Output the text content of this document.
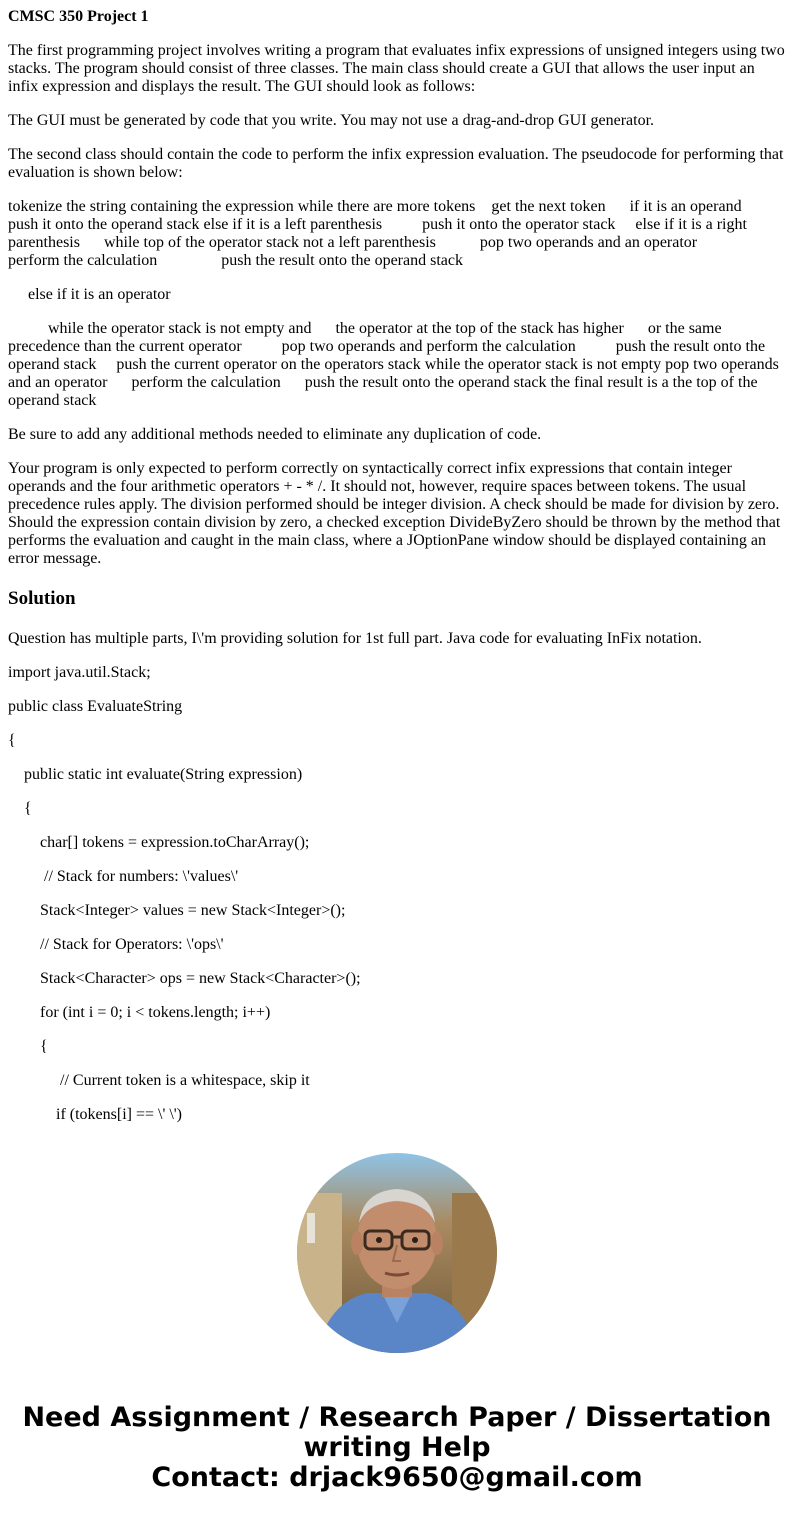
CMSC 350 Project 1

The first programming project involves writing a program that evaluates infix expressions of unsigned integers using two stacks. The program should consist of three classes. The main class should create a GUI that allows the user input an infix expression and displays the result. The GUI should look as follows:

The GUI must be generated by code that you write. You may not use a drag-and-drop GUI generator.

The second class should contain the code to perform the infix expression evaluation. The pseudocode for performing that evaluation is shown below:

tokenize the string containing the expression while there are more tokens    get the next token      if it is an operand         push it onto the operand stack else if it is a left parenthesis          push it onto the operator stack     else if it is a right parenthesis      while top of the operator stack not a left parenthesis           pop two operands and an operator           perform the calculation                push the result onto the operand stack

else if it is an operator

while the operator stack is not empty and      the operator at the top of the stack has higher      or the same precedence than the current operator          pop two operands and perform the calculation          push the result onto the operand stack     push the current operator on the operators stack while the operator stack is not empty pop two operands and an operator      perform the calculation      push the result onto the operand stack the final result is a the top of the operand stack

Be sure to add any additional methods needed to eliminate any duplication of code.

Your program is only expected to perform correctly on syntactically correct infix expressions that contain integer operands and the four arithmetic operators + - * /. It should not, however, require spaces between tokens. The usual precedence rules apply. The division performed should be integer division. A check should be made for division by zero. Should the expression contain division by zero, a checked exception DivideByZero should be thrown by the method that performs the evaluation and caught in the main class, where a JOptionPane window should be displayed containing an error message.

Solution

Question has multiple parts, I\'m providing solution for 1st full part. Java code for evaluating InFix notation.

import java.util.Stack;

public class EvaluateString

{

public static int evaluate(String expression)

{

char[] tokens = expression.toCharArray();

// Stack for numbers: \'values\'

Stack<Integer> values = new Stack<Integer>();

// Stack for Operators: \'ops\'

Stack<Character> ops = new Stack<Character>();

for (int i = 0; i < tokens.length; i++)

{

// Current token is a whitespace, skip it

if (tokens[i] == \' \')

Need Assignment / Research Paper / Dissertation
writing Help
Contact: drjack9650@gmail.com
